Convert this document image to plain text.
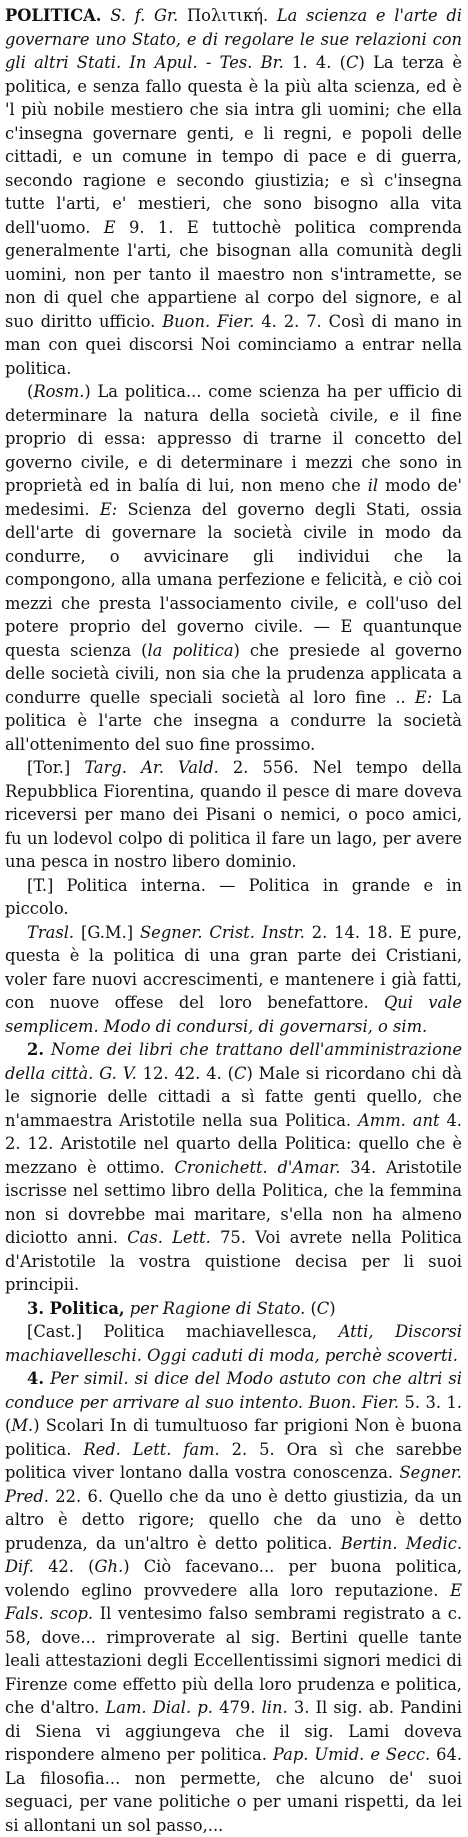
POLITICA. S. f. Gr. Πολιτική. La scienza e l'arte di governare uno Stato, e di regolare le sue relazioni con gli altri Stati. In Apul. - Tes. Br. 1. 4. (C) La terza è politica, e senza fallo questa è la più alta scienza, ed è 'l più nobile mestiero che sia intra gli uomini; che ella c'insegna governare genti, e li regni, e popoli delle cittadi, e un comune in tempo di pace e di guerra, secondo ragione e secondo giustizia; e sì c'insegna tutte l'arti, e' mestieri, che sono bisogno alla vita dell'uomo. E 9. 1. E tuttochè politica comprenda generalmente l'arti, che bisognan alla comunità degli uomini, non per tanto il maestro non s'intramette, se non di quel che appartiene al corpo del signore, e al suo diritto ufficio. Buon. Fier. 4. 2. 7. Così di mano in man con quei discorsi Noi cominciamo a entrar nella politica.

(Rosm.) La politica... come scienza ha per ufficio di determinare la natura della società civile, e il fine proprio di essa: appresso di trarne il concetto del governo civile, e di determinare i mezzi che sono in proprietà ed in balía di lui, non meno che il modo de' medesimi. E: Scienza del governo degli Stati, ossia dell'arte di governare la società civile in modo da condurre, o avvicinare gli individui che la compongono, alla umana perfezione e felicità, e ciò coi mezzi che presta l'associamento civile, e coll'uso del potere proprio del governo civile. — E quantunque questa scienza (la politica) che presiede al governo delle società civili, non sia che la prudenza applicata a condurre quelle speciali società al loro fine .. E: La politica è l'arte che insegna a condurre la società all'ottenimento del suo fine prossimo.

[Tor.] Targ. Ar. Vald. 2. 556. Nel tempo della Repubblica Fiorentina, quando il pesce di mare doveva riceversi per mano dei Pisani o nemici, o poco amici, fu un lodevol colpo di politica il fare un lago, per avere una pesca in nostro libero dominio.

[T.] Politica interna. — Politica in grande e in piccolo.

Trasl. [G.M.] Segner. Crist. Instr. 2. 14. 18. E pure, questa è la politica di una gran parte dei Cristiani, voler fare nuovi accrescimenti, e mantenere i già fatti, con nuove offese del loro benefattore. Qui vale semplicem. Modo di condursi, di governarsi, o sim.

2. Nome dei libri che trattano dell'amministrazione della città. G. V. 12. 42. 4. (C) Male si ricordano chi dà le signorie delle cittadi a sì fatte genti quello, che n'ammaestra Aristotile nella sua Politica. Amm. ant 4. 2. 12. Aristotile nel quarto della Politica: quello che è mezzano è ottimo. Cronichett. d'Amar. 34. Aristotile iscrisse nel settimo libro della Politica, che la femmina non si dovrebbe mai maritare, s'ella non ha almeno diciotto anni. Cas. Lett. 75. Voi avrete nella Politica d'Aristotile la vostra quistione decisa per li suoi principii.

3. Politica, per Ragione di Stato. (C)

[Cast.] Politica machiavellesca, Atti, Discorsi machiavelleschi. Oggi caduti di moda, perchè scoverti.

4. Per simil. si dice del Modo astuto con che altri si conduce per arrivare al suo intento. Buon. Fier. 5. 3. 1. (M.) Scolari In di tumultuoso far prigioni Non è buona politica. Red. Lett. fam. 2. 5. Ora sì che sarebbe politica viver lontano dalla vostra conoscenza. Segner. Pred. 22. 6. Quello che da uno è detto giustizia, da un altro è detto rigore; quello che da uno è detto prudenza, da un'altro è detto politica. Bertin. Medic. Dif. 42. (Gh.) Ciò facevano... per buona politica, volendo eglino provvedere alla loro reputazione. E Fals. scop. Il ventesimo falso sembrami registrato a c. 58, dove... rimproverate al sig. Bertini quelle tante leali attestazioni degli Eccellentissimi signori medici di Firenze come effetto più della loro prudenza e politica, che d'altro. Lam. Dial. p. 479. lin. 3. Il sig. ab. Pandini di Siena vi aggiungeva che il sig. Lami doveva rispondere almeno per politica. Pap. Umid. e Secc. 64. La filosofia... non permette, che alcuno de' suoi seguaci, per vane politiche o per umani rispetti, da lei si allontani un sol passo,...
